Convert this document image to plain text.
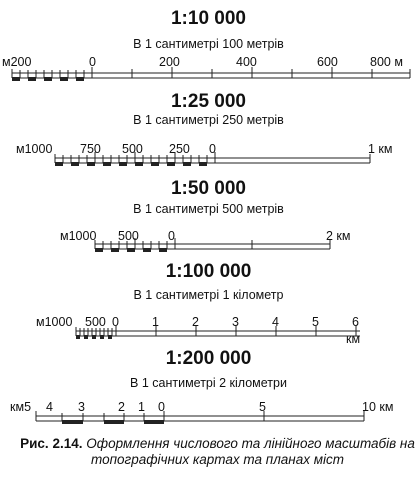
1:10 000
В 1 сантиметрі 100 метрів
1:25 000
В 1 сантиметрі 250 метрів
1:50 000
В 1 сантиметрі 500 метрів
1:100 000
В 1 сантиметрі 1 кілометр
1:200 000
В 1 сантиметрі 2 кілометри
м200	0	200	400	600	800 м
м1000 750 500 250 0	1 км
м1000 500 0	2 км
м1000 500 0	1	2	3	4	5	6
км
км5 4 3	2 1 0	5	10 км
Рис. 2.14. Оформлення числового та лінійного масштабів на топографічних картах та планах міст
